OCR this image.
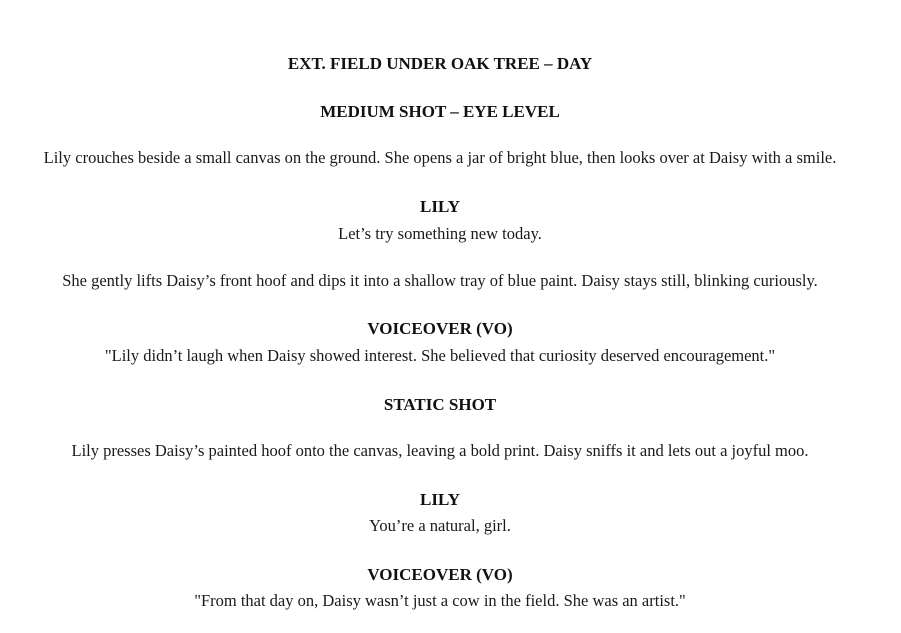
EXT. FIELD UNDER OAK TREE – DAY
MEDIUM SHOT – EYE LEVEL
Lily crouches beside a small canvas on the ground. She opens a jar of bright blue, then looks over at Daisy with a smile.
LILY
Let’s try something new today.
She gently lifts Daisy’s front hoof and dips it into a shallow tray of blue paint. Daisy stays still, blinking curiously.
VOICEOVER (VO)
"Lily didn’t laugh when Daisy showed interest. She believed that curiosity deserved encouragement."
STATIC SHOT
Lily presses Daisy’s painted hoof onto the canvas, leaving a bold print. Daisy sniffs it and lets out a joyful moo.
LILY
You’re a natural, girl.
VOICEOVER (VO)
"From that day on, Daisy wasn’t just a cow in the field. She was an artist."
